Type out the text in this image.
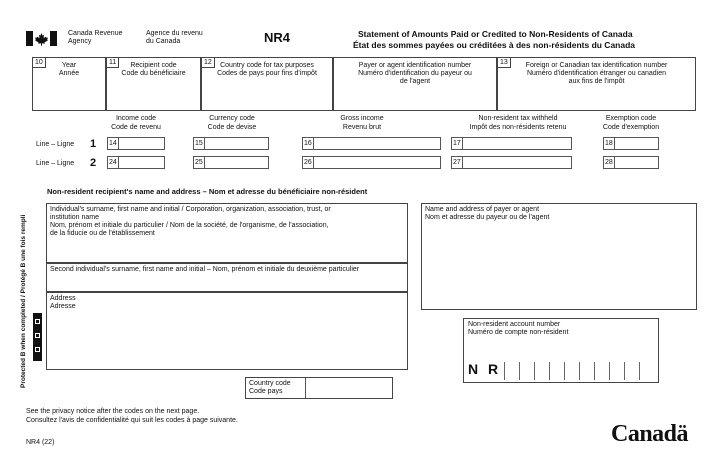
Canada Revenue
Agency
Agence du revenu
du Canada	NR4	Statement of Amounts Paid or Credited to Non-Residents of Canada
État des sommes payées ou créditées à des non-résidents du Canada
10	Year
Année
11	Recipient code
Code du bénéficiaire
12	Country code for tax purposes
Codes de pays pour fins d'impôt
Payer or agent identification number
Numéro d'identification du payeur ou
de l'agent
13	Foreign or Canadian tax identification number
Numéro d'identification étranger ou canadien
aux fins de l'impôt
Income code
Code de revenu
Currency code
Code de devise
Gross income
Revenu brut
Non-resident tax withheld
Impôt des non-résidents retenu
Exemption code
Code d'exemption
Line – Ligne 1 14	15	16	17	18
Line – Ligne 2 24	25	26	27	28
Protected B when completed / Protégé B une fois rempli
Non-resident recipient's name and address – Nom et adresse du bénéficiaire non-résident
Individual's surname, first name and initial / Corporation, organization, association, trust, or
institution name
Nom, prénom et initiale du particulier / Nom de la société, de l'organisme, de l'association,
de la fiducie ou de l'établissement
Second individual's surname, first name and initial – Nom, prénom et initiale du deuxième particulier
Address
Adresse
Name and address of payer or agent
Nom et adresse du payeur ou de l'agent
Non-resident account number
Numéro de compte non-résident
N R
Country code
Code pays
See the privacy notice after the codes on the next page.
Consultez l'avis de confidentialité qui suit les codes à page suivante.
NR4 (22)	Canadä
